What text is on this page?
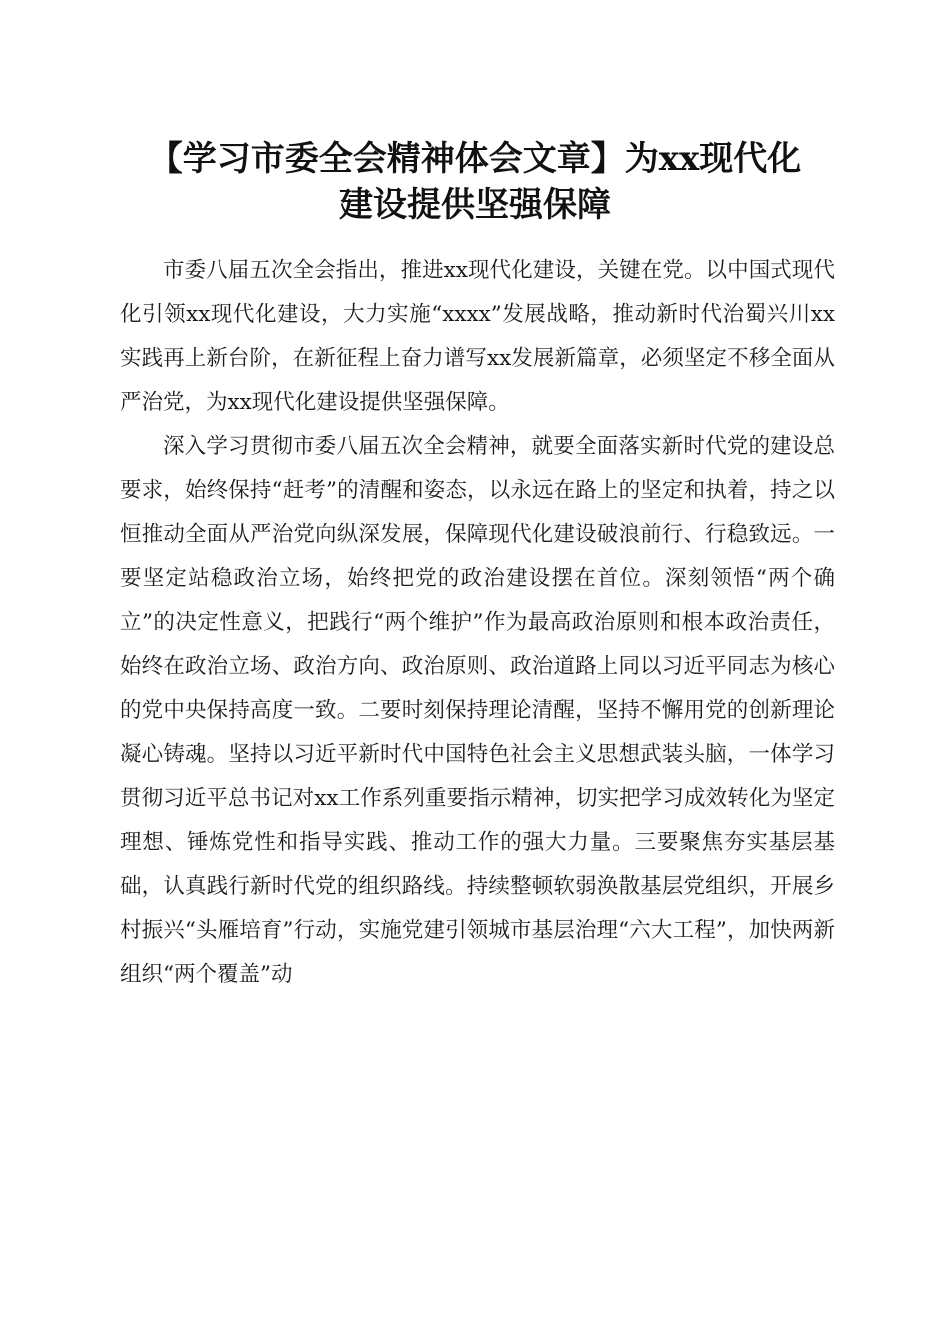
【学习市委全会精神体会文章】为xx现代化
建设提供坚强保障

市委八届五次全会指出，推进xx现代化建设，关键在党。以中国式现代化引领xx现代化建设，大力实施“xxxx”发展战略，推动新时代治蜀兴川xx实践再上新台阶，在新征程上奋力谱写xx发展新篇章，必须坚定不移全面从严治党，为xx现代化建设提供坚强保障。

深入学习贯彻市委八届五次全会精神，就要全面落实新时代党的建设总要求，始终保持“赶考”的清醒和姿态，以永远在路上的坚定和执着，持之以恒推动全面从严治党向纵深发展，保障现代化建设破浪前行、行稳致远。一要坚定站稳政治立场，始终把党的政治建设摆在首位。深刻领悟“两个确立”的决定性意义，把践行“两个维护”作为最高政治原则和根本政治责任，始终在政治立场、政治方向、政治原则、政治道路上同以习近平同志为核心的党中央保持高度一致。二要时刻保持理论清醒，坚持不懈用党的创新理论凝心铸魂。坚持以习近平新时代中国特色社会主义思想武装头脑，一体学习贯彻习近平总书记对xx工作系列重要指示精神，切实把学习成效转化为坚定理想、锤炼党性和指导实践、推动工作的强大力量。三要聚焦夯实基层基础，认真践行新时代党的组织路线。持续整顿软弱涣散基层党组织，开展乡村振兴“头雁培育”行动，实施党建引领城市基层治理“六大工程”，加快两新组织“两个覆盖”动
